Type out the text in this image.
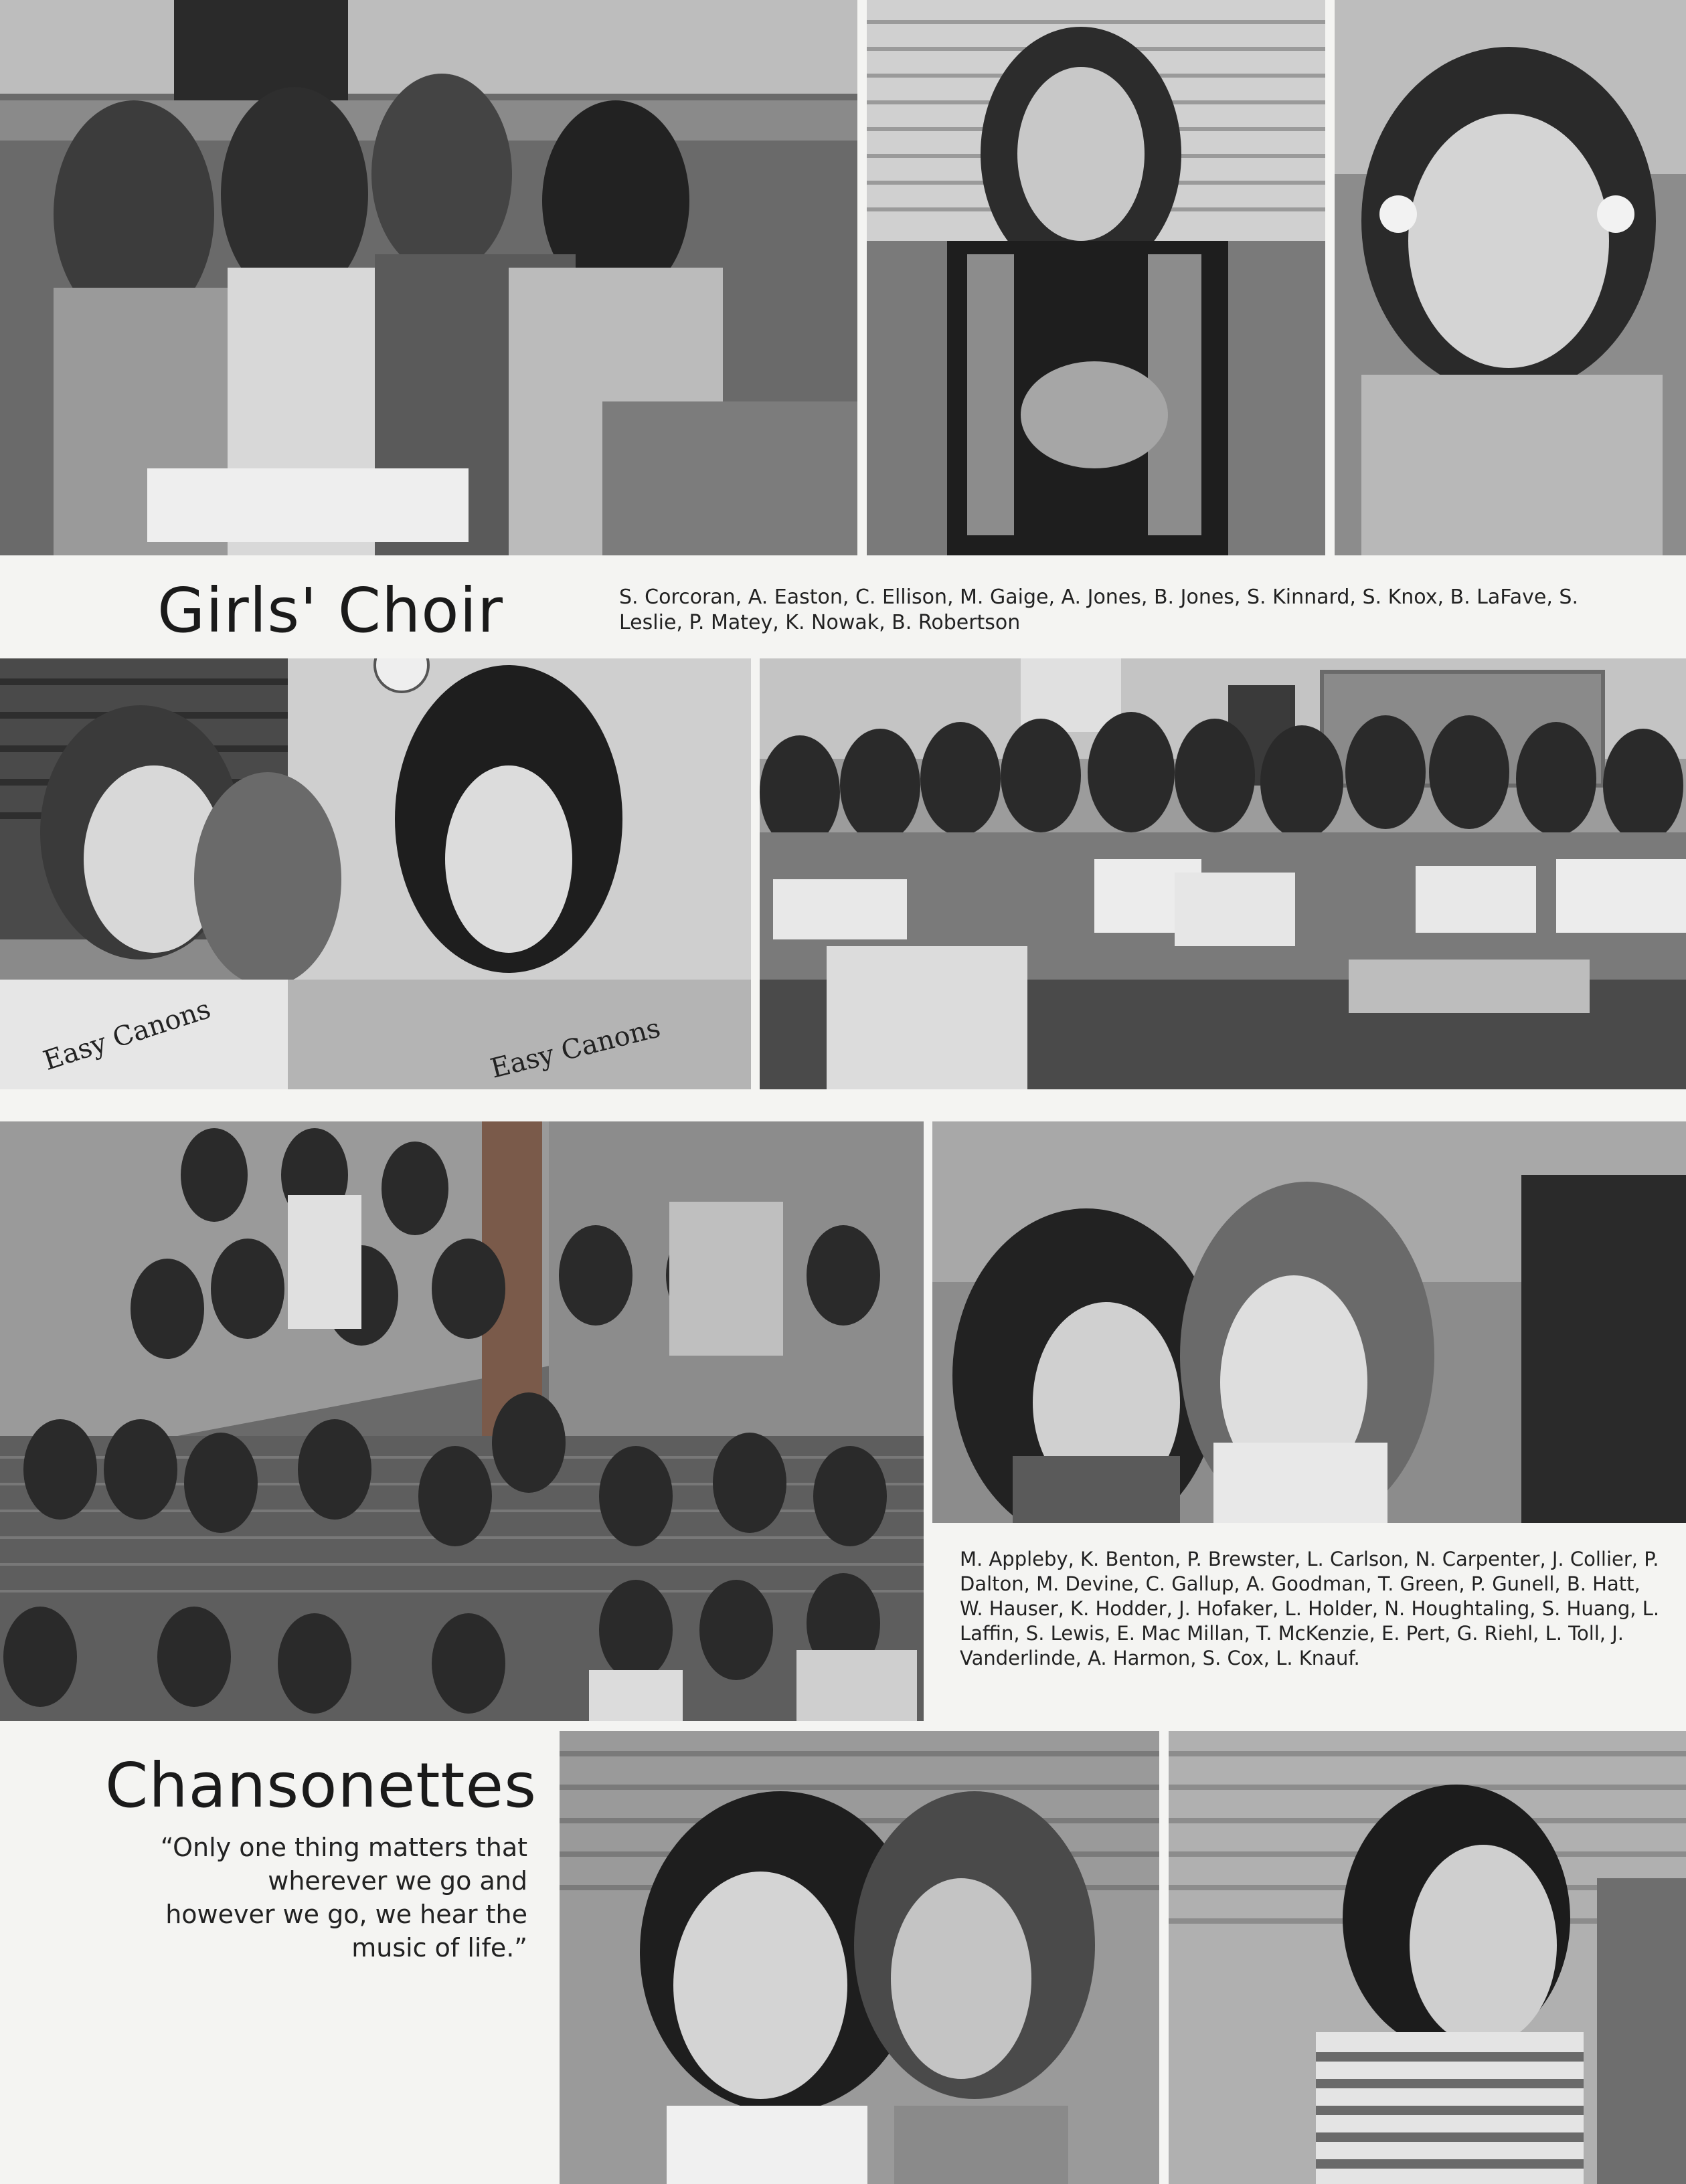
Girls' Choir	S. Corcoran, A. Easton, C. Ellison, M. Gaige, A. Jones, B. Jones, S. Kinnard, S. Knox, B. LaFave, S. Leslie, P. Matey, K. Nowak, B. Robertson

Easy Canons	Easy Canons

M. Appleby, K. Benton, P. Brewster, L. Carlson, N. Carpenter, J. Collier, P. Dalton, M. Devine, C. Gallup, A. Goodman, T. Green, P. Gunell, B. Hatt, W. Hauser, K. Hodder, J. Hofaker, L. Holder, N. Houghtaling, S. Huang, L. Laffin, S. Lewis, E. Mac Millan, T. McKenzie, E. Pert, G. Riehl, L. Toll, J. Vanderlinde, A. Harmon, S. Cox, L. Knauf.

Chansonettes

“Only one thing matters that wherever we go and however we go, we hear the music of life.”
